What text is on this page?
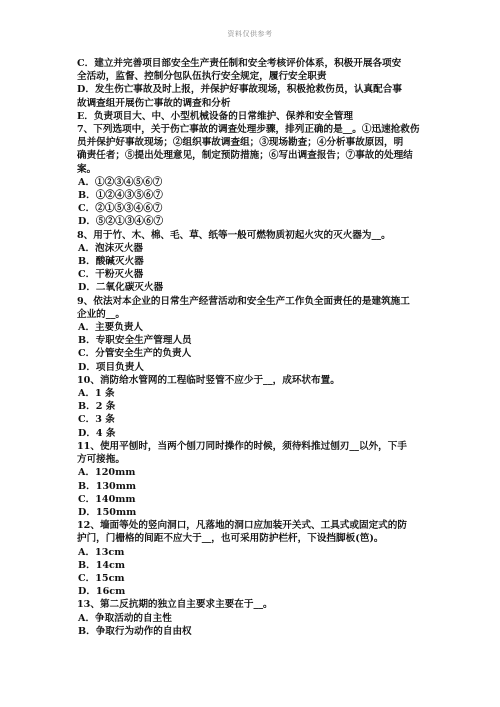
资料仅供参考
C．建立并完善项目部安全生产责任制和安全考核评价体系，积极开展各项安
全活动，监督、控制分包队伍执行安全规定，履行安全职责
D．发生伤亡事故及时上报，并保护好事故现场，积极抢救伤员，认真配合事
故调查组开展伤亡事故的调查和分析
E．负责项目大、中、小型机械设备的日常维护、保养和安全管理
7、下列选项中，关于伤亡事故的调查处理步骤，排列正确的是__。①迅速抢救伤
员并保护好事故现场；②组织事故调查组；③现场勘查；④分析事故原因，明
确责任者；⑤提出处理意见，制定预防措施；⑥写出调查报告；⑦事故的处理结
案。
A．①②③④⑤⑥⑦
B．①②④③⑤⑥⑦
C．②①⑤③④⑥⑦
D．⑤②①③④⑥⑦
8、用于竹、木、棉、毛、草、纸等一般可燃物质初起火灾的灭火器为__。
A．泡沫灭火器
B．酸碱灭火器
C．干粉灭火器
D．二氧化碳灭火器
9、依法对本企业的日常生产经营活动和安全生产工作负全面责任的是建筑施工
企业的__。
A．主要负责人
B．专职安全生产管理人员
C．分管安全生产的负责人
D．项目负责人
10、消防给水管网的工程临时竖管不应少于__，成环状布置。
A．1 条
B．2 条
C．3 条
D．4 条
11、使用平刨时，当两个刨刀同时操作的时候，须待料推过刨刃__以外，下手
方可接拖。
A．120mm
B．130mm
C．140mm
D．150mm
12、墙面等处的竖向洞口，凡落地的洞口应加装开关式、工具式或固定式的防
护门，门栅格的间距不应大于__，也可采用防护栏杆，下设挡脚板(笆)。
A．13cm
B．14cm
C．15cm
D．16cm
13、第二反抗期的独立自主要求主要在于__。
A．争取活动的自主性
B．争取行为动作的自由权
